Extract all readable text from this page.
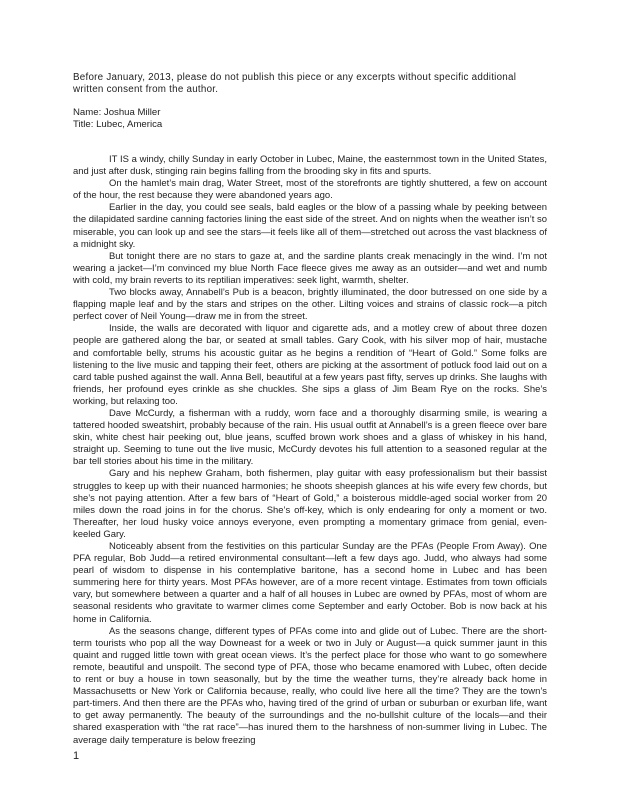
Before January, 2013, please do not publish this piece or any excerpts without specific additional written consent from the author.

Name: Joshua Miller
Title: Lubec, America

IT IS a windy, chilly Sunday in early October in Lubec, Maine, the easternmost town in the United States, and just after dusk, stinging rain begins falling from the brooding sky in fits and spurts.

On the hamlet’s main drag, Water Street, most of the storefronts are tightly shuttered, a few on account of the hour, the rest because they were abandoned years ago.

Earlier in the day, you could see seals, bald eagles or the blow of a passing whale by peeking between the dilapidated sardine canning factories lining the east side of the street. And on nights when the weather isn’t so miserable, you can look up and see the stars—it feels like all of them—stretched out across the vast blackness of a midnight sky.

But tonight there are no stars to gaze at, and the sardine plants creak menacingly in the wind. I’m not wearing a jacket—I’m convinced my blue North Face fleece gives me away as an outsider—and wet and numb with cold, my brain reverts to its reptilian imperatives: seek light, warmth, shelter.

Two blocks away, Annabell’s Pub is a beacon, brightly illuminated, the door butressed on one side by a flapping maple leaf and by the stars and stripes on the other. Lilting voices and strains of classic rock—a pitch perfect cover of Neil Young—draw me in from the street.

Inside, the walls are decorated with liquor and cigarette ads, and a motley crew of about three dozen people are gathered along the bar, or seated at small tables. Gary Cook, with his silver mop of hair, mustache and comfortable belly, strums his acoustic guitar as he begins a rendition of “Heart of Gold.” Some folks are listening to the live music and tapping their feet, others are picking at the assortment of potluck food laid out on a card table pushed against the wall. Anna Bell, beautiful at a few years past fifty, serves up drinks. She laughs with friends, her profound eyes crinkle as she chuckles. She sips a glass of Jim Beam Rye on the rocks. She’s working, but relaxing too.

Dave McCurdy, a fisherman with a ruddy, worn face and a thoroughly disarming smile, is wearing a tattered hooded sweatshirt, probably because of the rain. His usual outfit at Annabell’s is a green fleece over bare skin, white chest hair peeking out, blue jeans, scuffed brown work shoes and a glass of whiskey in his hand, straight up. Seeming to tune out the live music, McCurdy devotes his full attention to a seasoned regular at the bar tell stories about his time in the military.

Gary and his nephew Graham, both fishermen, play guitar with easy professionalism but their bassist struggles to keep up with their nuanced harmonies; he shoots sheepish glances at his wife every few chords, but she’s not paying attention. After a few bars of “Heart of Gold,” a boisterous middle-aged social worker from 20 miles down the road joins in for the chorus. She’s off-key, which is only endearing for only a moment or two. Thereafter, her loud husky voice annoys everyone, even prompting a momentary grimace from genial, even-keeled Gary.

Noticeably absent from the festivities on this particular Sunday are the PFAs (People From Away). One PFA regular, Bob Judd—a retired environmental consultant—left a few days ago. Judd, who always had some pearl of wisdom to dispense in his contemplative baritone, has a second home in Lubec and has been summering here for thirty years. Most PFAs however, are of a more recent vintage. Estimates from town officials vary, but somewhere between a quarter and a half of all houses in Lubec are owned by PFAs, most of whom are seasonal residents who gravitate to warmer climes come September and early October. Bob is now back at his home in California.

As the seasons change, different types of PFAs come into and glide out of Lubec. There are the short-term tourists who pop all the way Downeast for a week or two in July or August—a quick summer jaunt in this quaint and rugged little town with great ocean views. It’s the perfect place for those who want to go somewhere remote, beautiful and unspoilt. The second type of PFA, those who became enamored with Lubec, often decide to rent or buy a house in town seasonally, but by the time the weather turns, they’re already back home in Massachusetts or New York or California because, really, who could live here all the time? They are the town’s part-timers. And then there are the PFAs who, having tired of the grind of urban or suburban or exurban life, want to get away permanently. The beauty of the surroundings and the no-bullshit culture of the locals—and their shared exasperation with “the rat race”—has inured them to the harshness of non-summer living in Lubec. The average daily temperature is below freezing

1
